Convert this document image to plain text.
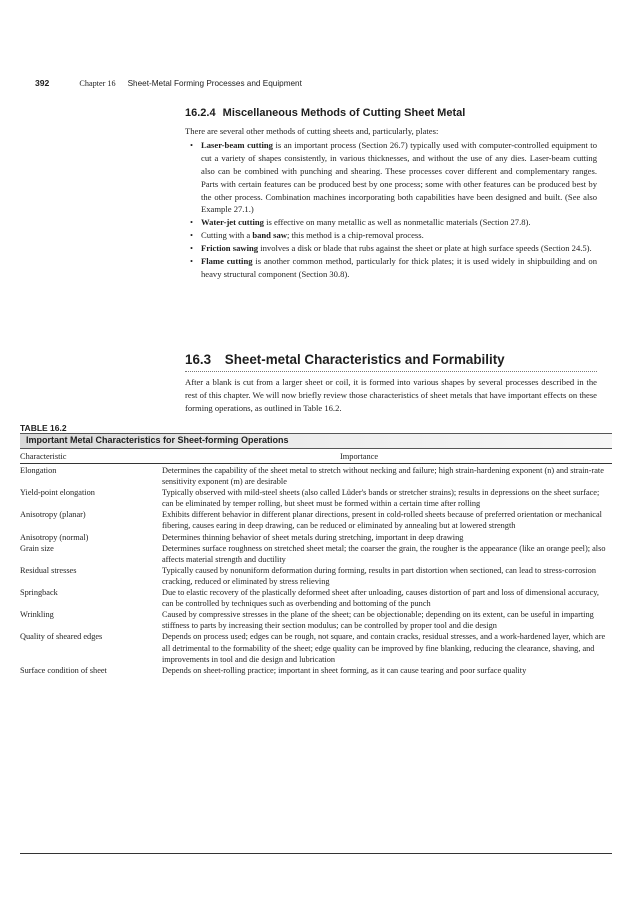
392	Chapter 16 Sheet-Metal Forming Processes and Equipment
16.2.4 Miscellaneous Methods of Cutting Sheet Metal

There are several other methods of cutting sheets and, particularly, plates:

• Laser-beam cutting is an important process (Section 26.7) typically used with computer-controlled equipment to cut a variety of shapes consistently, in various thicknesses, and without the use of any dies. Laser-beam cutting also can be combined with punching and shearing. These processes cover different and complementary ranges. Parts with certain features can be produced best by one process; some with other features can be produced best by the other process. Combination machines incorporating both capabilities have been designed and built. (See also Example 27.1.)

• Water-jet cutting is effective on many metallic as well as nonmetallic materials (Section 27.8).

• Cutting with a band saw; this method is a chip-removal process.

• Friction sawing involves a disk or blade that rubs against the sheet or plate at high surface speeds (Section 24.5).

• Flame cutting is another common method, particularly for thick plates; it is used widely in shipbuilding and on heavy structural component (Section 30.8).

16.3 Sheet-metal Characteristics and Formability

After a blank is cut from a larger sheet or coil, it is formed into various shapes by several processes described in the rest of this chapter. We will now briefly review those characteristics of sheet metals that have important effects on these forming operations, as outlined in Table 16.2.

TABLE 16.2
Important Metal Characteristics for Sheet-forming Operations
Characteristic	Importance
Elongation	Determines the capability of the sheet metal to stretch without necking and failure; high strain-hardening exponent (n) and strain-rate sensitivity exponent (m) are desirable
Yield-point elongation	Typically observed with mild-steel sheets (also called Lüder's bands or stretcher strains); results in depressions on the sheet surface; can be eliminated by temper rolling, but sheet must be formed within a certain time after rolling
Anisotropy (planar)	Exhibits different behavior in different planar directions, present in cold-rolled sheets because of preferred orientation or mechanical fibering, causes earing in deep drawing, can be reduced or eliminated by annealing but at lowered strength
Anisotropy (normal)	Determines thinning behavior of sheet metals during stretching, important in deep drawing
Grain size	Determines surface roughness on stretched sheet metal; the coarser the grain, the rougher is the appearance (like an orange peel); also affects material strength and ductility
Residual stresses	Typically caused by nonuniform deformation during forming, results in part distortion when sectioned, can lead to stress-corrosion cracking, reduced or eliminated by stress relieving
Springback	Due to elastic recovery of the plastically deformed sheet after unloading, causes distortion of part and loss of dimensional accuracy, can be controlled by techniques such as overbending and bottoming of the punch
Wrinkling	Caused by compressive stresses in the plane of the sheet; can be objectionable; depending on its extent, can be useful in imparting stiffness to parts by increasing their section modulus; can be controlled by proper tool and die design
Quality of sheared edges	Depends on process used; edges can be rough, not square, and contain cracks, residual stresses, and a work-hardened layer, which are all detrimental to the formability of the sheet; edge quality can be improved by fine blanking, reducing the clearance, shaving, and improvements in tool and die design and lubrication
Surface condition of sheet	Depends on sheet-rolling practice; important in sheet forming, as it can cause tearing and poor surface quality
